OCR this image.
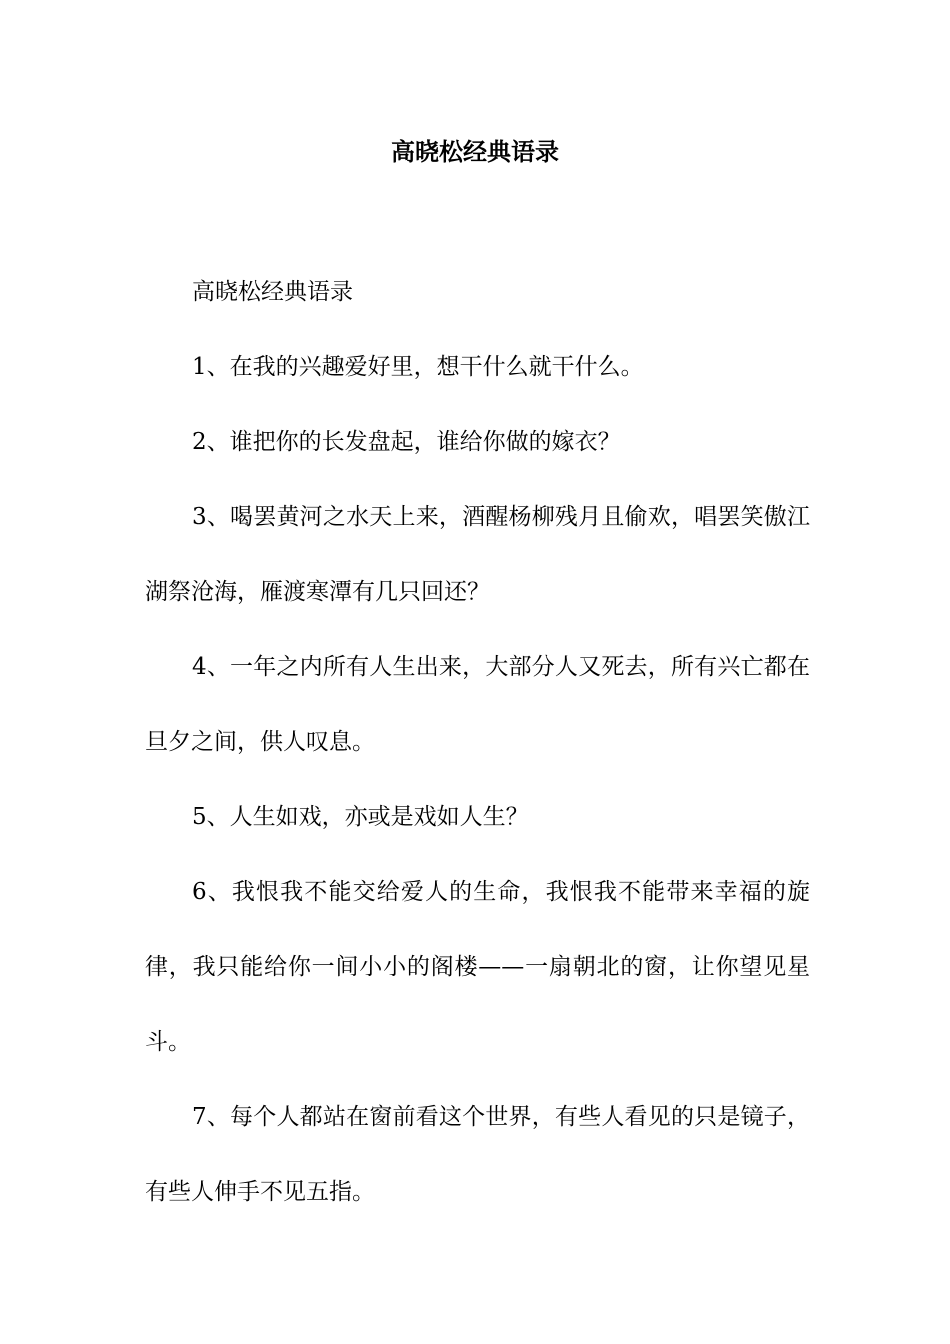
高晓松经典语录

高晓松经典语录

1、在我的兴趣爱好里，想干什么就干什么。

2、谁把你的长发盘起，谁给你做的嫁衣？

3、喝罢黄河之水天上来，酒醒杨柳残月且偷欢，唱罢笑傲江湖祭沧海，雁渡寒潭有几只回还？

4、一年之内所有人生出来，大部分人又死去，所有兴亡都在旦夕之间，供人叹息。

5、人生如戏，亦或是戏如人生？

6、我恨我不能交给爱人的生命，我恨我不能带来幸福的旋律，我只能给你一间小小的阁楼——一扇朝北的窗，让你望见星斗。

7、每个人都站在窗前看这个世界，有些人看见的只是镜子，有些人伸手不见五指。
